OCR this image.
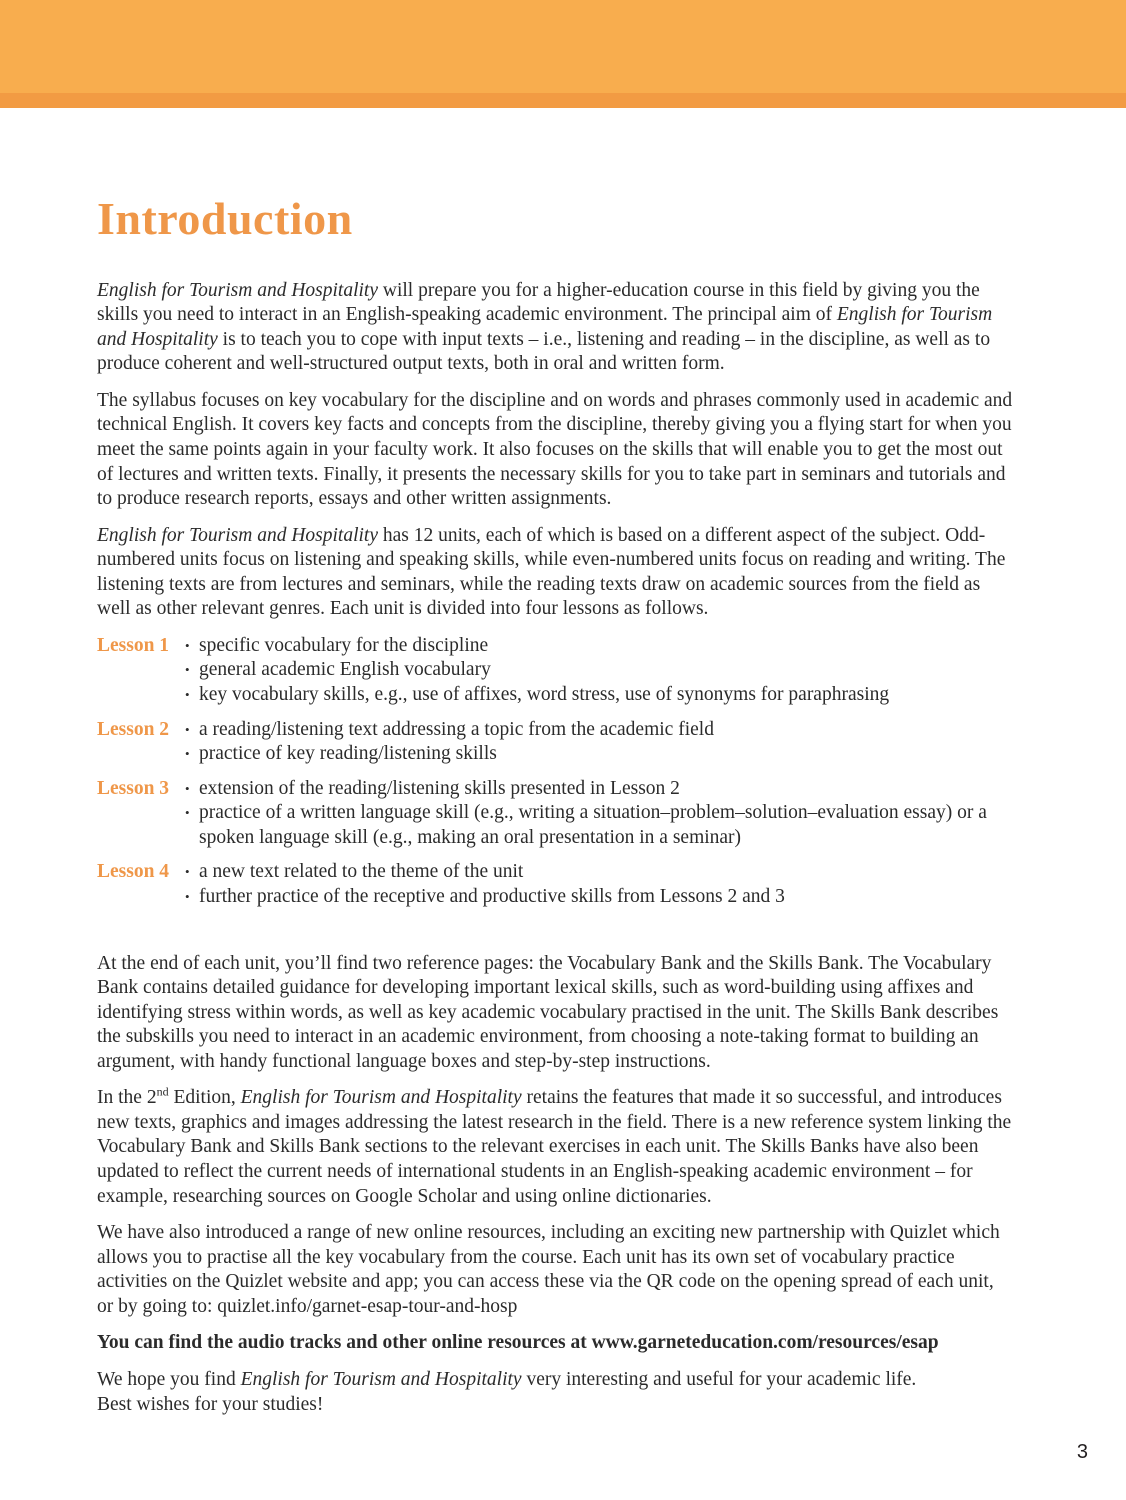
Introduction

English for Tourism and Hospitality will prepare you for a higher-education course in this field by giving you the skills you need to interact in an English-speaking academic environment. The principal aim of English for Tourism and Hospitality is to teach you to cope with input texts – i.e., listening and reading – in the discipline, as well as to produce coherent and well-structured output texts, both in oral and written form.

The syllabus focuses on key vocabulary for the discipline and on words and phrases commonly used in academic and technical English. It covers key facts and concepts from the discipline, thereby giving you a flying start for when you meet the same points again in your faculty work. It also focuses on the skills that will enable you to get the most out of lectures and written texts. Finally, it presents the necessary skills for you to take part in seminars and tutorials and to produce research reports, essays and other written assignments.

English for Tourism and Hospitality has 12 units, each of which is based on a different aspect of the subject. Odd-numbered units focus on listening and speaking skills, while even-numbered units focus on reading and writing. The listening texts are from lectures and seminars, while the reading texts draw on academic sources from the field as well as other relevant genres. Each unit is divided into four lessons as follows.

Lesson 1	• specific vocabulary for the discipline
• general academic English vocabulary
• key vocabulary skills, e.g., use of affixes, word stress, use of synonyms for paraphrasing
Lesson 2	• a reading/listening text addressing a topic from the academic field
• practice of key reading/listening skills
Lesson 3	• extension of the reading/listening skills presented in Lesson 2
• practice of a written language skill (e.g., writing a situation–problem–solution–evaluation essay) or a spoken language skill (e.g., making an oral presentation in a seminar)
Lesson 4	• a new text related to the theme of the unit
• further practice of the receptive and productive skills from Lessons 2 and 3

At the end of each unit, you’ll find two reference pages: the Vocabulary Bank and the Skills Bank. The Vocabulary Bank contains detailed guidance for developing important lexical skills, such as word-building using affixes and identifying stress within words, as well as key academic vocabulary practised in the unit. The Skills Bank describes the subskills you need to interact in an academic environment, from choosing a note-taking format to building an argument, with handy functional language boxes and step-by-step instructions.

In the 2nd Edition, English for Tourism and Hospitality retains the features that made it so successful, and introduces new texts, graphics and images addressing the latest research in the field. There is a new reference system linking the Vocabulary Bank and Skills Bank sections to the relevant exercises in each unit. The Skills Banks have also been updated to reflect the current needs of international students in an English-speaking academic environment – for example, researching sources on Google Scholar and using online dictionaries.

We have also introduced a range of new online resources, including an exciting new partnership with Quizlet which allows you to practise all the key vocabulary from the course. Each unit has its own set of vocabulary practice activities on the Quizlet website and app; you can access these via the QR code on the opening spread of each unit, or by going to: quizlet.info/garnet-esap-tour-and-hosp

You can find the audio tracks and other online resources at www.garneteducation.com/resources/esap

We hope you find English for Tourism and Hospitality very interesting and useful for your academic life.
Best wishes for your studies!

3
